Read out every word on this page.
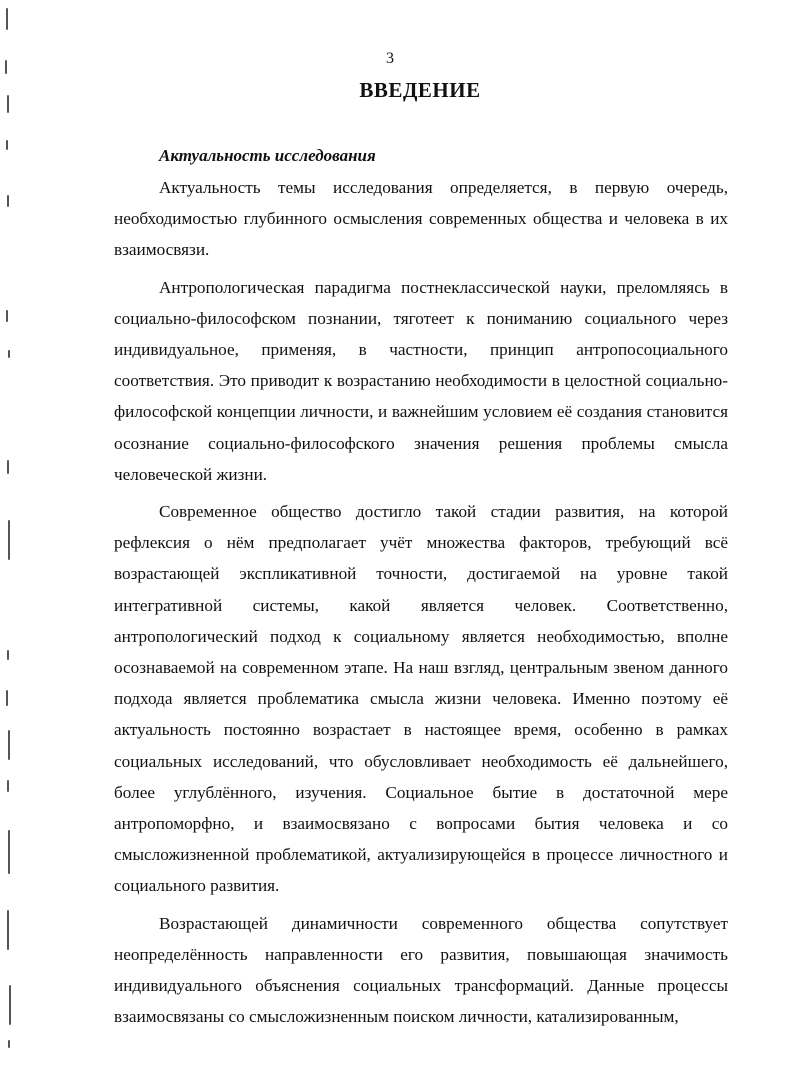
3
ВВЕДЕНИЕ
Актуальность исследования

Актуальность темы исследования определяется, в первую очередь, необходимостью глубинного осмысления современных общества и человека в их взаимосвязи.

Антропологическая парадигма постнеклассической науки, преломляясь в социально-философском познании, тяготеет к пониманию социального через индивидуальное, применяя, в частности, принцип антропосоциального соответствия. Это приводит к возрастанию необходимости в целостной социально-философской концепции личности, и важнейшим условием её создания становится осознание социально-философского значения решения проблемы смысла человеческой жизни.

Современное общество достигло такой стадии развития, на которой рефлексия о нём предполагает учёт множества факторов, требующий всё возрастающей экспликативной точности, достигаемой на уровне такой интегративной системы, какой является человек. Соответственно, антропологический подход к социальному является необходимостью, вполне осознаваемой на современном этапе. На наш взгляд, центральным звеном данного подхода является проблематика смысла жизни человека. Именно поэтому её актуальность постоянно возрастает в настоящее время, особенно в рамках социальных исследований, что обусловливает необходимость её дальнейшего, более углублённого, изучения. Социальное бытие в достаточной мере антропоморфно, и взаимосвязано с вопросами бытия человека и со смысложизненной проблематикой, актуализирующейся в процессе личностного и социального развития.

Возрастающей динамичности современного общества сопутствует неопределённость направленности его развития, повышающая значимость индивидуального объяснения социальных трансформаций. Данные процессы взаимосвязаны со смысложизненным поиском личности, катализированным,
